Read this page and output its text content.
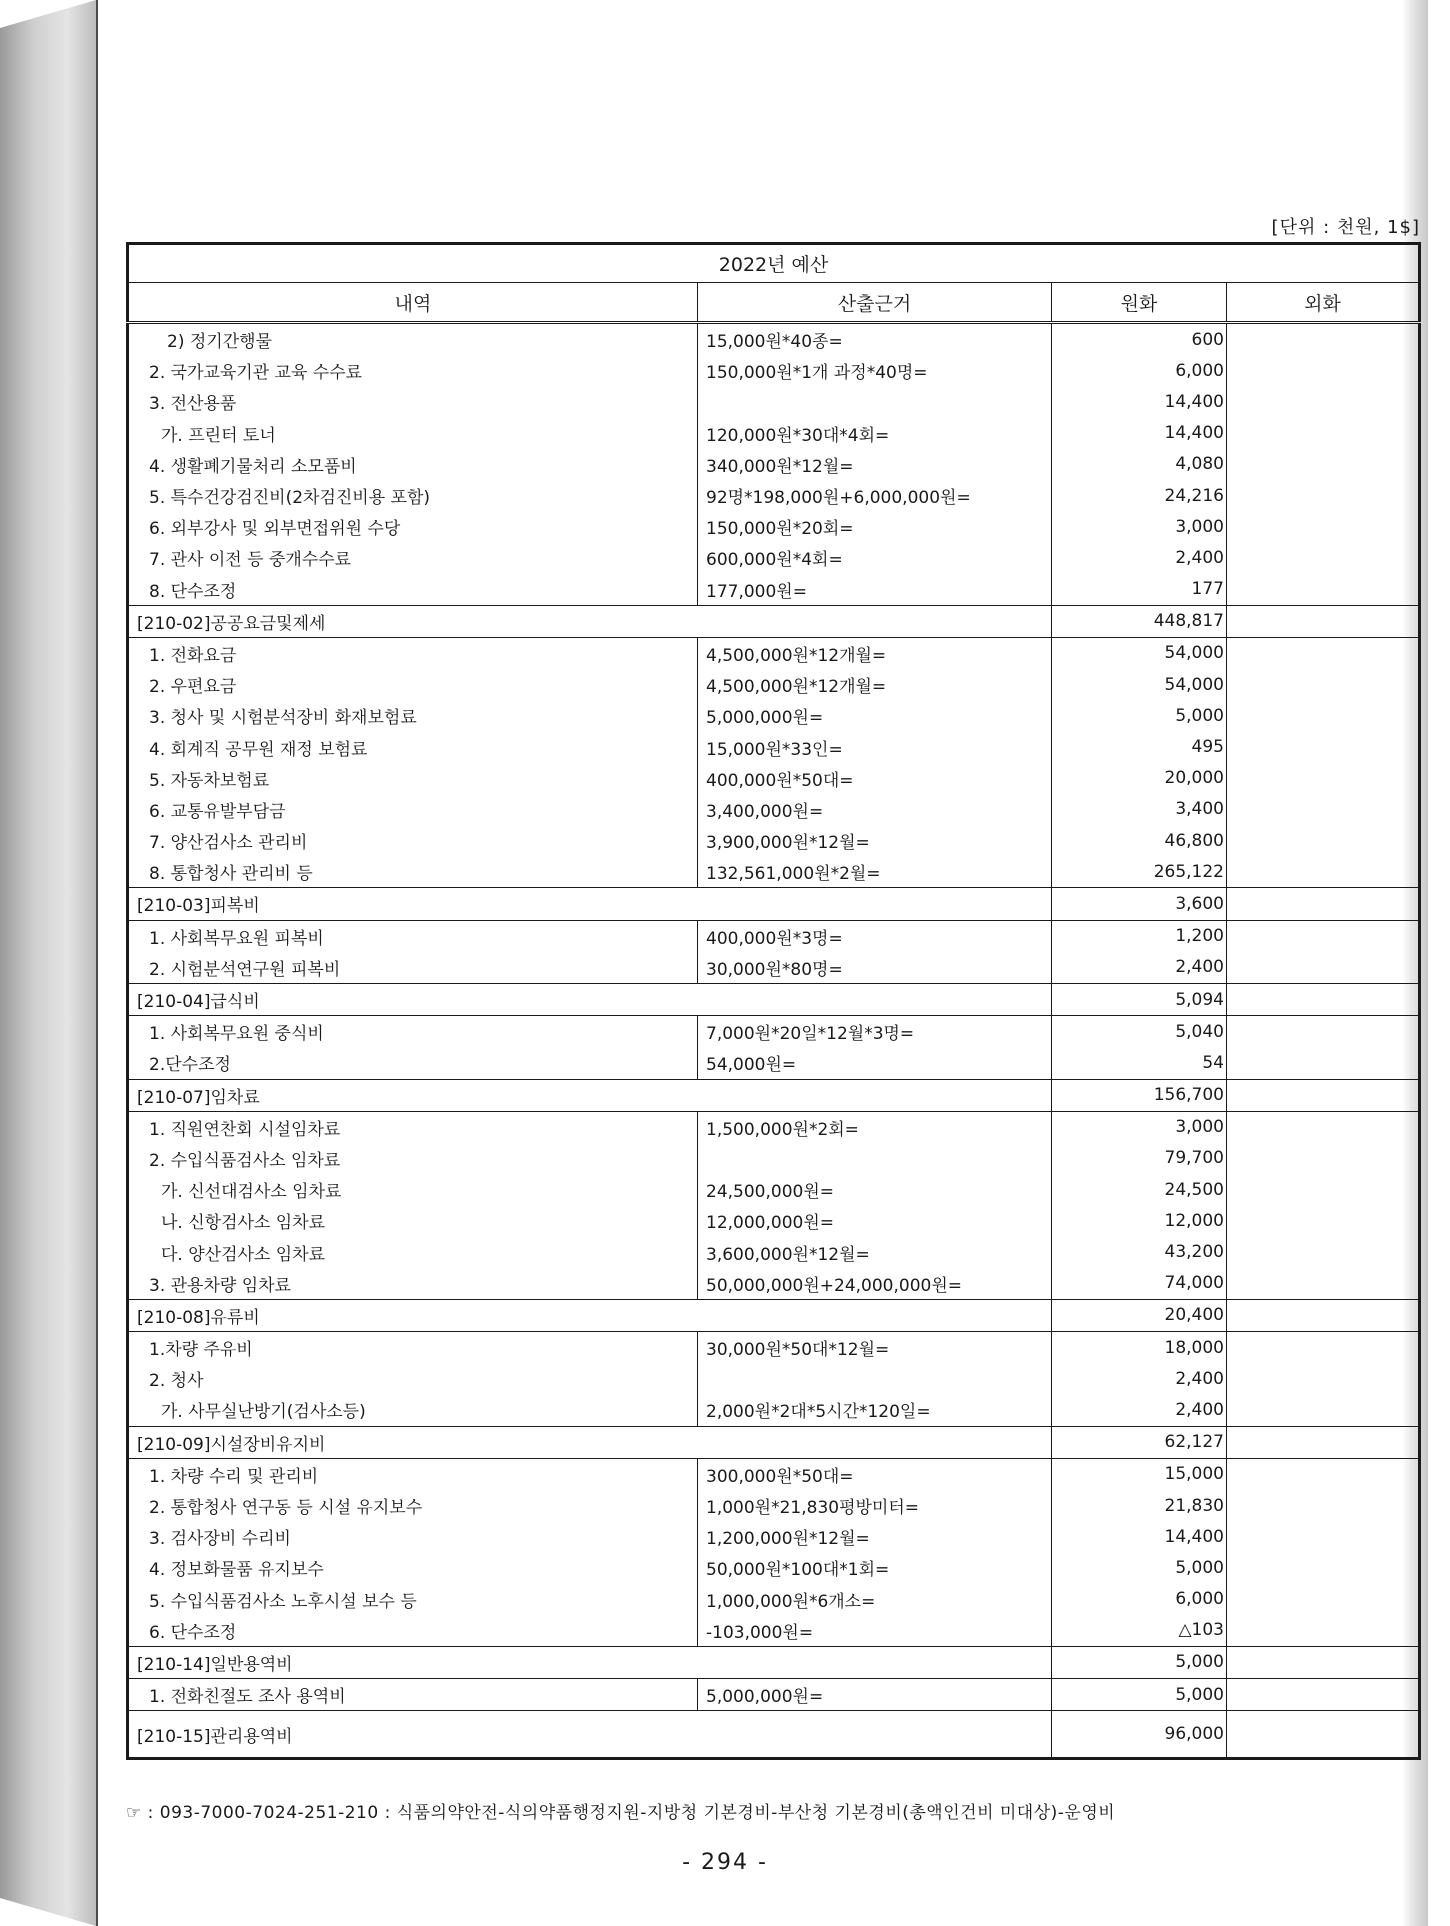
[단위 : 천원, 1$]
2022년 예산			
내역	산출근거	원화	외화
2) 정기간행물	15,000원*40종=	600	
2. 국가교육기관 교육 수수료	150,000원*1개 과정*40명=	6,000	
3. 전산용품		14,400	
가. 프린터 토너	120,000원*30대*4회=	14,400	
4. 생활폐기물처리 소모품비	340,000원*12월=	4,080	
5. 특수건강검진비(2차검진비용 포함)	92명*198,000원+6,000,000원=	24,216	
6. 외부강사 및 외부면접위원 수당	150,000원*20회=	3,000	
7. 관사 이전 등 중개수수료	600,000원*4회=	2,400	
8. 단수조정	177,000원=	177	
[210-02]공공요금및제세		448,817	
1. 전화요금	4,500,000원*12개월=	54,000	
2. 우편요금	4,500,000원*12개월=	54,000	
3. 청사 및 시험분석장비 화재보험료	5,000,000원=	5,000	
4. 회계직 공무원 재정 보험료	15,000원*33인=	495	
5. 자동차보험료	400,000원*50대=	20,000	
6. 교통유발부담금	3,400,000원=	3,400	
7. 양산검사소 관리비	3,900,000원*12월=	46,800	
8. 통합청사 관리비 등	132,561,000원*2월=	265,122	
[210-03]피복비		3,600	
1. 사회복무요원 피복비	400,000원*3명=	1,200	
2. 시험분석연구원 피복비	30,000원*80명=	2,400	
[210-04]급식비		5,094	
1. 사회복무요원 중식비	7,000원*20일*12월*3명=	5,040	
2.단수조정	54,000원=	54	
[210-07]임차료		156,700	
1. 직원연찬회 시설임차료	1,500,000원*2회=	3,000	
2. 수입식품검사소 임차료		79,700	
가. 신선대검사소 임차료	24,500,000원=	24,500	
나. 신항검사소 임차료	12,000,000원=	12,000	
다. 양산검사소 임차료	3,600,000원*12월=	43,200	
3. 관용차량 임차료	50,000,000원+24,000,000원=	74,000	
[210-08]유류비		20,400	
1.차량 주유비	30,000원*50대*12월=	18,000	
2. 청사		2,400	
가. 사무실난방기(검사소등)	2,000원*2대*5시간*120일=	2,400	
[210-09]시설장비유지비		62,127	
1. 차량 수리 및 관리비	300,000원*50대=	15,000	
2. 통합청사 연구동 등 시설 유지보수	1,000원*21,830평방미터=	21,830	
3. 검사장비 수리비	1,200,000원*12월=	14,400	
4. 정보화물품 유지보수	50,000원*100대*1회=	5,000	
5. 수입식품검사소 노후시설 보수 등	1,000,000원*6개소=	6,000	
6. 단수조정	-103,000원=	△103	
[210-14]일반용역비		5,000	
1. 전화친절도 조사 용역비	5,000,000원=	5,000	
[210-15]관리용역비		96,000	
☞ : 093-7000-7024-251-210 : 식품의약안전-식의약품행정지원-지방청 기본경비-부산청 기본경비(총액인건비 미대상)-운영비
- 294 -
